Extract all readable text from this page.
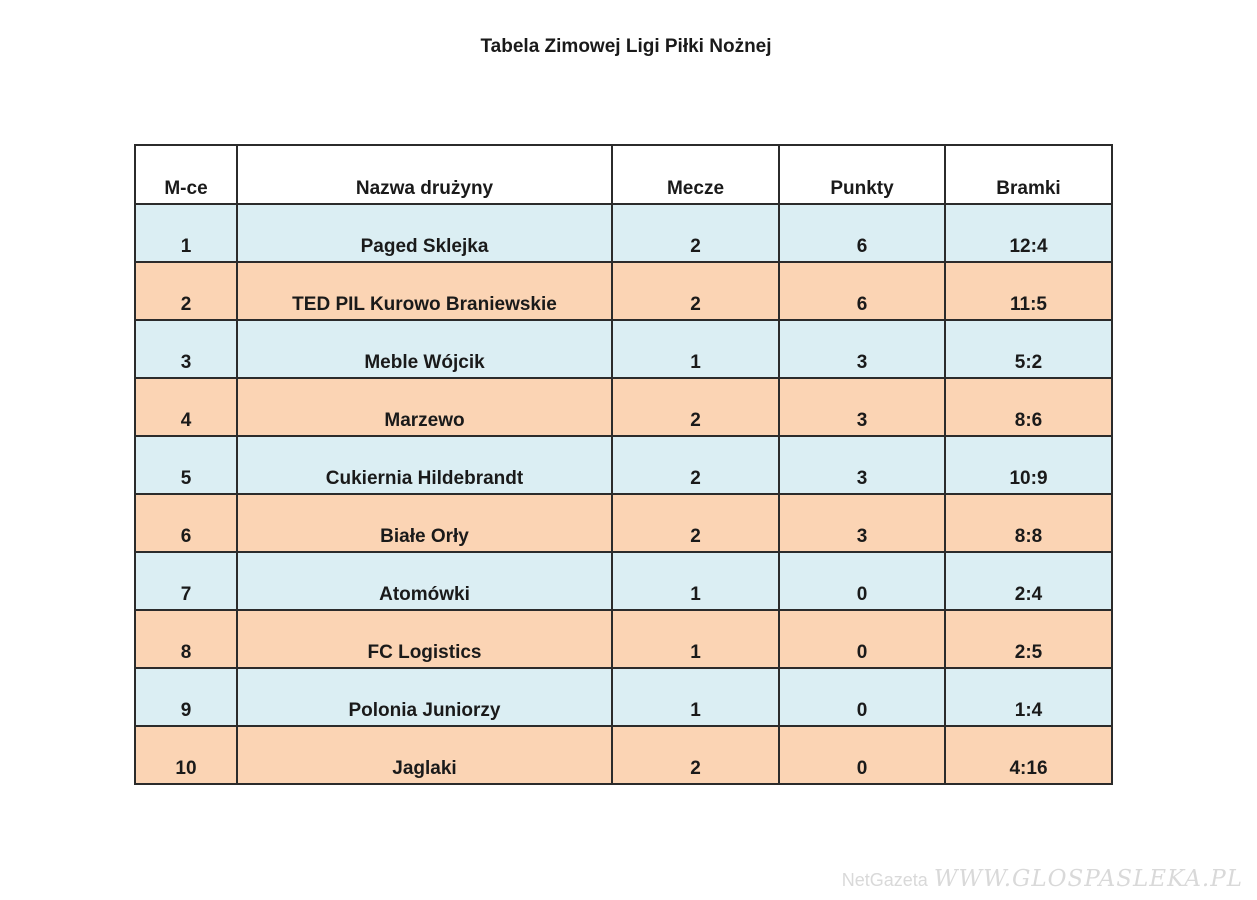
Tabela Zimowej Ligi Piłki Nożnej
M-ce	Nazwa drużyny	Mecze	Punkty	Bramki
1	Paged Sklejka	2	6	12:4
2	TED PIL Kurowo Braniewskie	2	6	11:5
3	Meble Wójcik	1	3	5:2
4	Marzewo	2	3	8:6
5	Cukiernia Hildebrandt	2	3	10:9
6	Białe Orły	2	3	8:8
7	Atomówki	1	0	2:4
8	FC Logistics	1	0	2:5
9	Polonia Juniorzy	1	0	1:4
10	Jaglaki	2	0	4:16
NetGazeta WWW.GLOSPASLEKA.PL
